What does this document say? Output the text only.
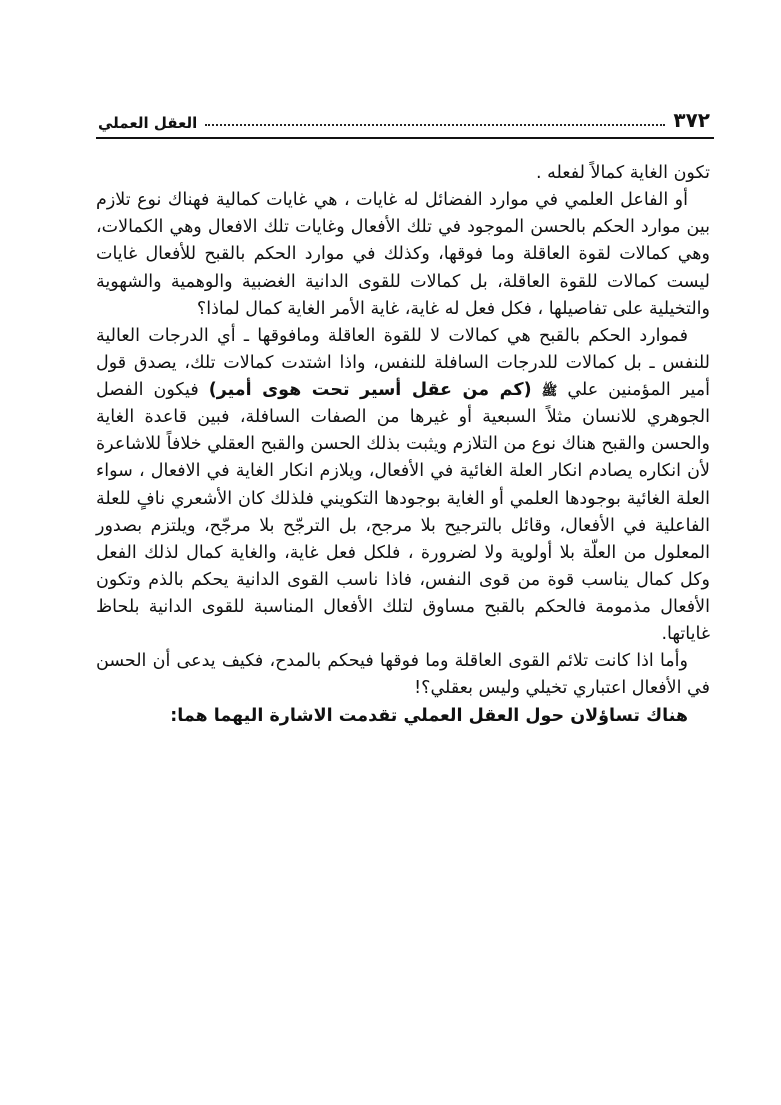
٣٧٢
العقل العملي

تكون الغاية كمالاً لفعله .

أو الفاعل العلمي في موارد الفضائل له غايات ، هي غايات كمالية فهناك نوع تلازم بين موارد الحكم بالحسن الموجود في تلك الأفعال وغايات تلك الافعال وهي الكمالات، وهي كمالات لقوة العاقلة وما فوقها، وكذلك في موارد الحكم بالقبح للأفعال غايات ليست كمالات للقوة العاقلة، بل كمالات للقوى الدانية الغضبية والوهمية والشهوية والتخيلية على تفاصيلها ، فكل فعل له غاية، غاية الأمر الغاية كمال لماذا؟

فموارد الحكم بالقبح هي كمالات لا للقوة العاقلة ومافوقها ـ أي الدرجات العالية للنفس ـ بل كمالات للدرجات السافلة للنفس، واذا اشتدت كمالات تلك، يصدق قول أمير المؤمنين علي ﷺ (كم من عقل أسير تحت هوى أمير) فيكون الفصل الجوهري للانسان مثلاً السبعية أو غيرها من الصفات السافلة، فبين قاعدة الغاية والحسن والقبح هناك نوع من التلازم ويثبت بذلك الحسن والقبح العقلي خلافاً للاشاعرة لأن انكاره يصادم انكار العلة الغائية في الأفعال، ويلازم انكار الغاية في الافعال ، سواء العلة الغائية بوجودها العلمي أو الغاية بوجودها التكويني فلذلك كان الأشعري نافٍ للعلة الفاعلية في الأفعال، وقائل بالترجيح بلا مرجح، بل الترجّح بلا مرجّح، ويلتزم بصدور المعلول من العلّة بلا أولوية ولا لضرورة ، فلكل فعل غاية، والغاية كمال لذلك الفعل وكل كمال يناسب قوة من قوى النفس، فاذا ناسب القوى الدانية يحكم بالذم وتكون الأفعال مذمومة فالحكم بالقبح مساوق لتلك الأفعال المناسبة للقوى الدانية بلحاظ غاياتها.

وأما اذا كانت تلائم القوى العاقلة وما فوقها فيحكم بالمدح، فكيف يدعى أن الحسن في الأفعال اعتباري تخيلي وليس بعقلي؟!

هناك تساؤلان حول العقل العملي تقدمت الاشارة اليهما هما:
